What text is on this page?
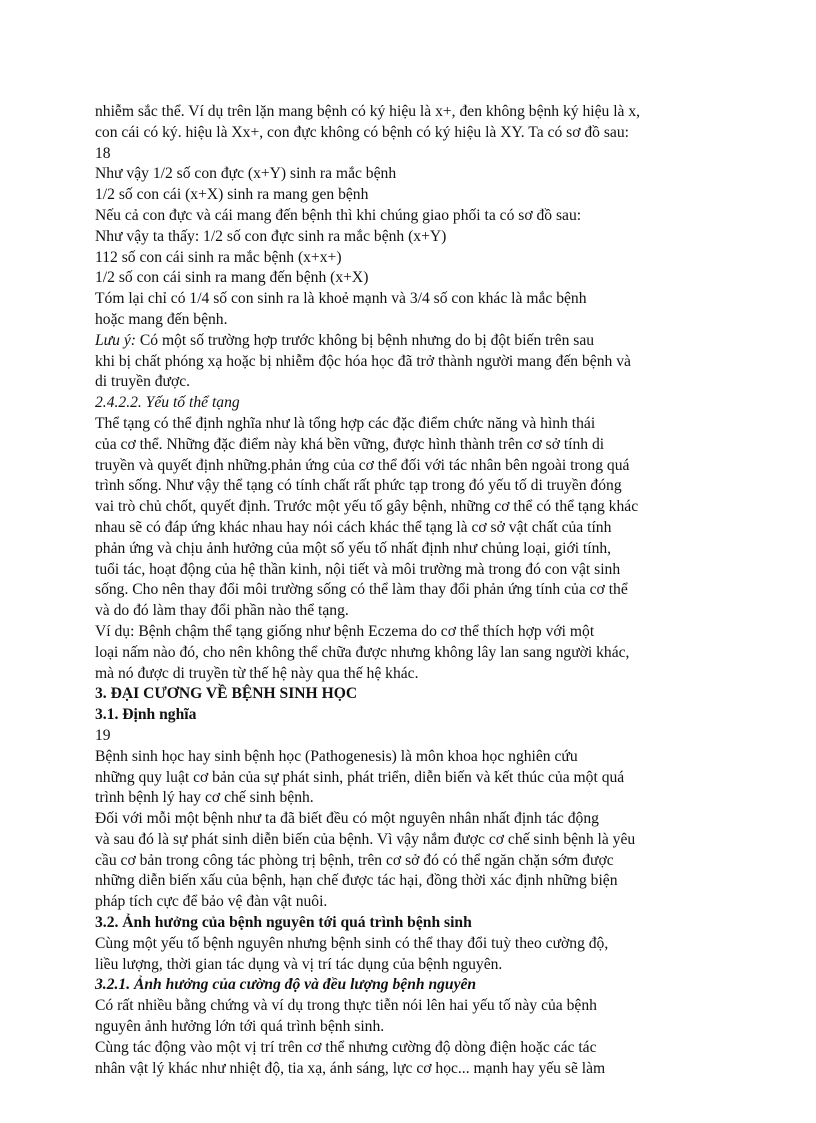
nhiễm sắc thể. Ví dụ trên lặn mang bệnh có ký hiệu là x+, đen không bệnh ký hiệu là x,
con cái có ký. hiệu là Xx+, con đực không có bệnh có ký hiệu là XY. Ta có sơ đồ sau:
18
Như vậy 1/2 số con đực (x+Y) sinh ra mắc bệnh
1/2 số con cái (x+X) sinh ra mang gen bệnh
Nếu cả con đực và cái mang đến bệnh thì khi chúng giao phối ta có sơ đồ sau:
Như vậy ta thấy: 1/2 số con đực sinh ra mắc bệnh (x+Y)
112 số con cái sinh ra mắc bệnh (x+x+)
1/2 số con cái sinh ra mang đến bệnh (x+X)
Tóm lại chỉ có 1/4 số con sinh ra là khoẻ mạnh và 3/4 số con khác là mắc bệnh
hoặc mang đến bệnh.
Lưu ý: Có một số trường hợp trước không bị bệnh nhưng do bị đột biến trên sau
khi bị chất phóng xạ hoặc bị nhiễm độc hóa học đã trở thành người mang đến bệnh và
di truyền được.
2.4.2.2. Yếu tố thể tạng
Thể tạng có thể định nghĩa như là tổng hợp các đặc điểm chức năng và hình thái
của cơ thể. Những đặc điểm này khá bền vững, được hình thành trên cơ sở tính di
truyền và quyết định những.phản ứng của cơ thể đối với tác nhân bên ngoài trong quá
trình sống. Như vậy thể tạng có tính chất rất phức tạp trong đó yếu tố di truyền đóng
vai trò chủ chốt, quyết định. Trước một yếu tố gây bệnh, những cơ thể có thể tạng khác
nhau sẽ có đáp ứng khác nhau hay nói cách khác thể tạng là cơ sở vật chất của tính
phản ứng và chịu ảnh hưởng của một số yếu tố nhất định như chủng loại, giới tính,
tuổi tác, hoạt động của hệ thần kinh, nội tiết và môi trường mà trong đó con vật sinh
sống. Cho nên thay đổi môi trường sống có thể làm thay đổi phản ứng tính của cơ thể
và do đó làm thay đổi phần nào thể tạng.
Ví dụ: Bệnh chậm thể tạng giống như bệnh Eczema do cơ thể thích hợp với một
loại nấm nào đó, cho nên không thể chữa được nhưng không lây lan sang người khác,
mà nó được di truyền từ thế hệ này qua thế hệ khác.
3. ĐẠI CƯƠNG VỀ BỆNH SINH HỌC
3.1. Định nghĩa
19
Bệnh sinh học hay sinh bệnh học (Pathogenesis) là môn khoa học nghiên cứu
những quy luật cơ bản của sự phát sinh, phát triển, diễn biến và kết thúc của một quá
trình bệnh lý hay cơ chế sinh bệnh.
Đối với mỗi một bệnh như ta đã biết đều có một nguyên nhân nhất định tác động
và sau đó là sự phát sinh diễn biến của bệnh. Vì vậy nắm được cơ chế sinh bệnh là yêu
cầu cơ bản trong công tác phòng trị bệnh, trên cơ sở đó có thể ngăn chặn sớm được
những diễn biến xấu của bệnh, hạn chế được tác hại, đồng thời xác định những biện
pháp tích cực để bảo vệ đàn vật nuôi.
3.2. Ảnh hưởng của bệnh nguyên tới quá trình bệnh sinh
Cùng một yếu tố bệnh nguyên nhưng bệnh sinh có thể thay đổi tuỳ theo cường độ,
liều lượng, thời gian tác dụng và vị trí tác dụng của bệnh nguyên.
3.2.1. Ảnh hưởng của cường độ và đều lượng bệnh nguyên
Có rất nhiều bằng chứng và ví dụ trong thực tiễn nói lên hai yếu tố này của bệnh
nguyên ảnh hưởng lớn tới quá trình bệnh sinh.
Cùng tác động vào một vị trí trên cơ thể nhưng cường độ dòng điện hoặc các tác
nhân vật lý khác như nhiệt độ, tia xạ, ánh sáng, lực cơ học... mạnh hay yếu sẽ làm
